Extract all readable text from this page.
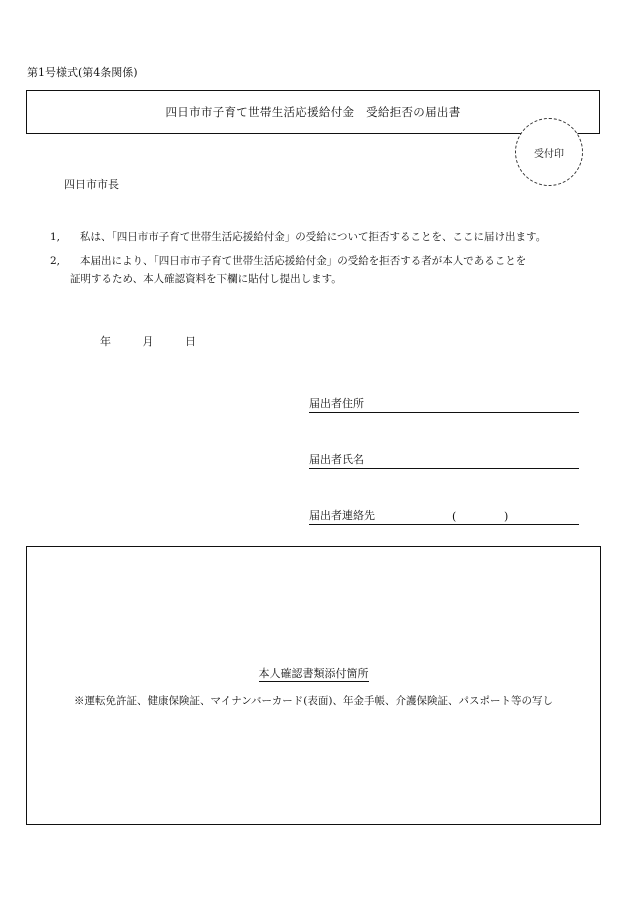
第1号様式(第4条関係)
四日市市子育て世帯生活応援給付金　受給拒否の届出書
受付印
四日市市長
1, 私は、「四日市市子育て世帯生活応援給付金」の受給について拒否することを、ここに届け出ます。
2, 本届出により、「四日市市子育て世帯生活応援給付金」の受給を拒否する者が本人であることを
証明するため、本人確認資料を下欄に貼付し提出します。
年	月	日
届出者住所
届出者氏名
届出者連絡先	(	)
本人確認書類添付箇所
※運転免許証、健康保険証、マイナンバーカード(表面)、年金手帳、介護保険証、パスポート等の写し
